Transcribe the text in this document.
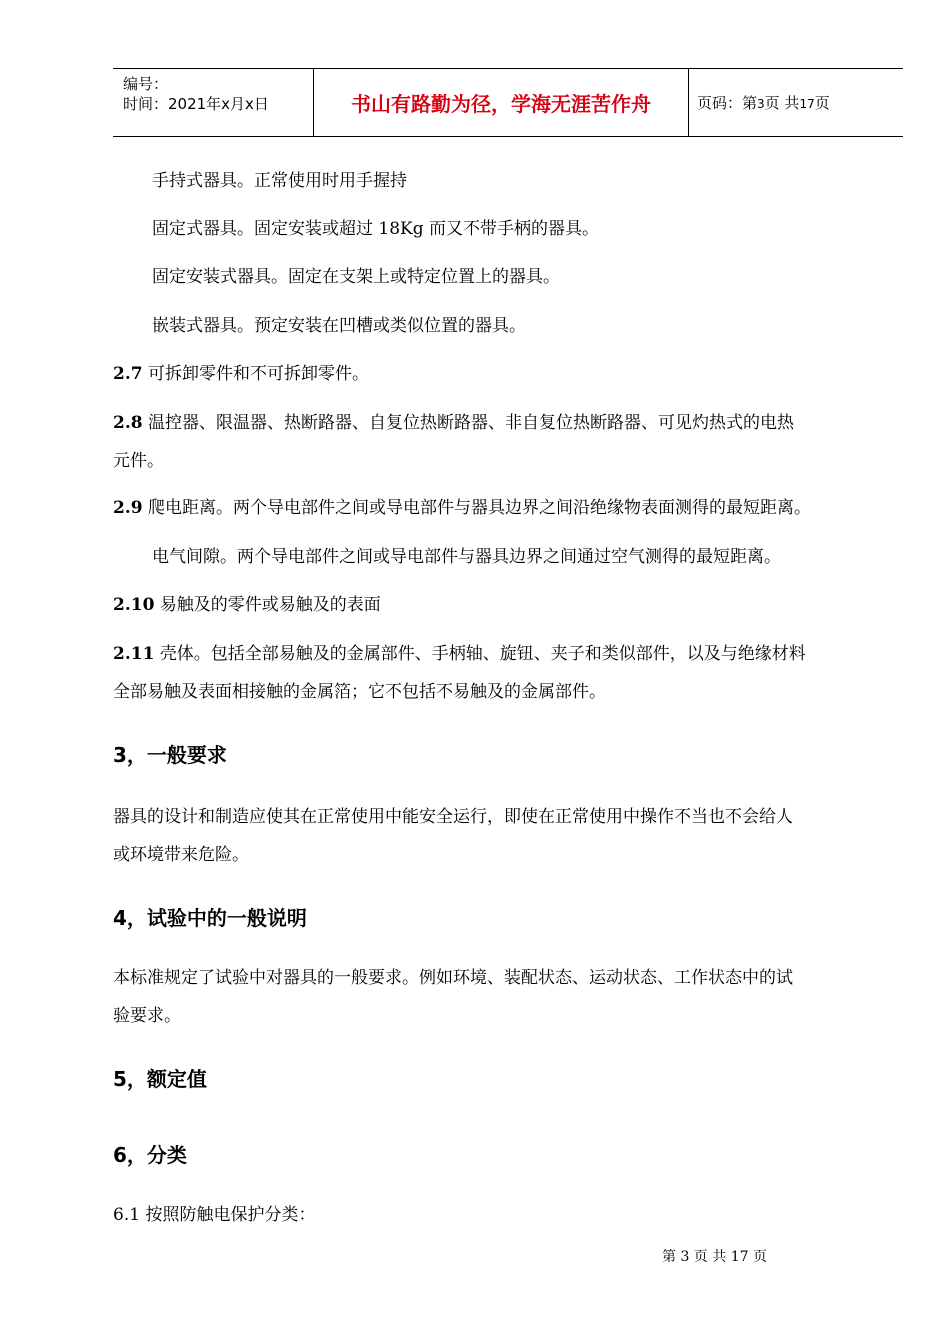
编号：
时间：2021年x月x日	书山有路勤为径，学海无涯苦作舟	页码：第3页 共17页
手持式器具。正常使用时用手握持
固定式器具。固定安装或超过 18Kg 而又不带手柄的器具。
固定安装式器具。固定在支架上或特定位置上的器具。
嵌装式器具。预定安装在凹槽或类似位置的器具。
2.7 可拆卸零件和不可拆卸零件。
2.8 温控器、限温器、热断路器、自复位热断路器、非自复位热断路器、可见灼热式的电热
元件。
2.9 爬电距离。两个导电部件之间或导电部件与器具边界之间沿绝缘物表面测得的最短距离。
电气间隙。两个导电部件之间或导电部件与器具边界之间通过空气测得的最短距离。
2.10 易触及的零件或易触及的表面
2.11 壳体。包括全部易触及的金属部件、手柄轴、旋钮、夹子和类似部件，以及与绝缘材料
全部易触及表面相接触的金属箔；它不包括不易触及的金属部件。
3，一般要求
器具的设计和制造应使其在正常使用中能安全运行，即使在正常使用中操作不当也不会给人
或环境带来危险。
4，试验中的一般说明
本标准规定了试验中对器具的一般要求。例如环境、装配状态、运动状态、工作状态中的试
验要求。
5，额定值
6，分类
6.1 按照防触电保护分类：
第 3 页 共 17 页
